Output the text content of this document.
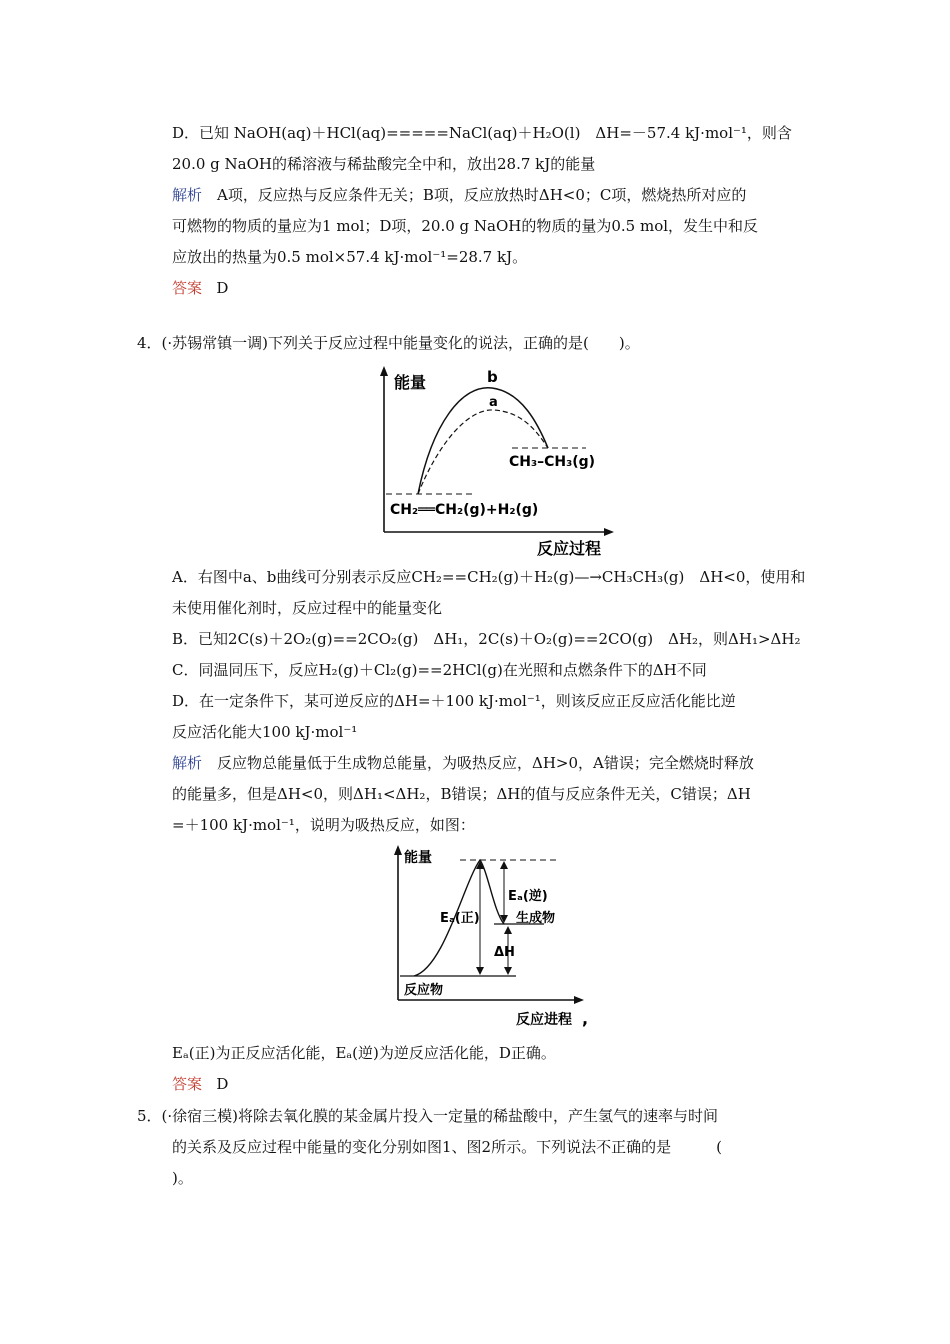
D．已知 NaOH(aq)＋HCl(aq)=====NaCl(aq)＋H₂O(l)　ΔH=－57.4 kJ·mol⁻¹，则含
20.0 g NaOH的稀溶液与稀盐酸完全中和，放出28.7 kJ的能量
解析　A项，反应热与反应条件无关；B项，反应放热时ΔH<0；C项，燃烧热所对应的
可燃物的物质的量应为1 mol；D项，20.0 g NaOH的物质的量为0.5 mol，发生中和反
应放出的热量为0.5 mol×57.4 kJ·mol⁻¹=28.7 kJ。
答案 D
4．(·苏锡常镇一调)下列关于反应过程中能量变化的说法，正确的是( )。
能量
反应过程
b
a
CH₃–CH₃(g)
CH₂══CH₂(g)+H₂(g)
A．右图中a、b曲线可分别表示反应CH₂==CH₂(g)＋H₂(g)—→CH₃CH₃(g)　ΔH<0，使用和
未使用催化剂时，反应过程中的能量变化
B．已知2C(s)＋2O₂(g)==2CO₂(g)　ΔH₁，2C(s)＋O₂(g)==2CO(g)　ΔH₂，则ΔH₁>ΔH₂
C．同温同压下，反应H₂(g)＋Cl₂(g)==2HCl(g)在光照和点燃条件下的ΔH不同
D．在一定条件下，某可逆反应的ΔH=＋100 kJ·mol⁻¹，则该反应正反应活化能比逆
反应活化能大100 kJ·mol⁻¹
解析　反应物总能量低于生成物总能量，为吸热反应，ΔH>0，A错误；完全燃烧时释放
的能量多，但是ΔH<0，则ΔH₁<ΔH₂，B错误；ΔH的值与反应条件无关，C错误；ΔH
=＋100 kJ·mol⁻¹，说明为吸热反应，如图：
能量
反应进程 ,
Eₐ(逆)
Eₐ(正)	生成物
ΔH
反应物
Eₐ(正)为正反应活化能，Eₐ(逆)为逆反应活化能，D正确。
答案 D
5．(·徐宿三模)将除去氧化膜的某金属片投入一定量的稀盐酸中，产生氢气的速率与时间
的关系及反应过程中能量的变化分别如图1、图2所示。下列说法不正确的是　　　(
)。
